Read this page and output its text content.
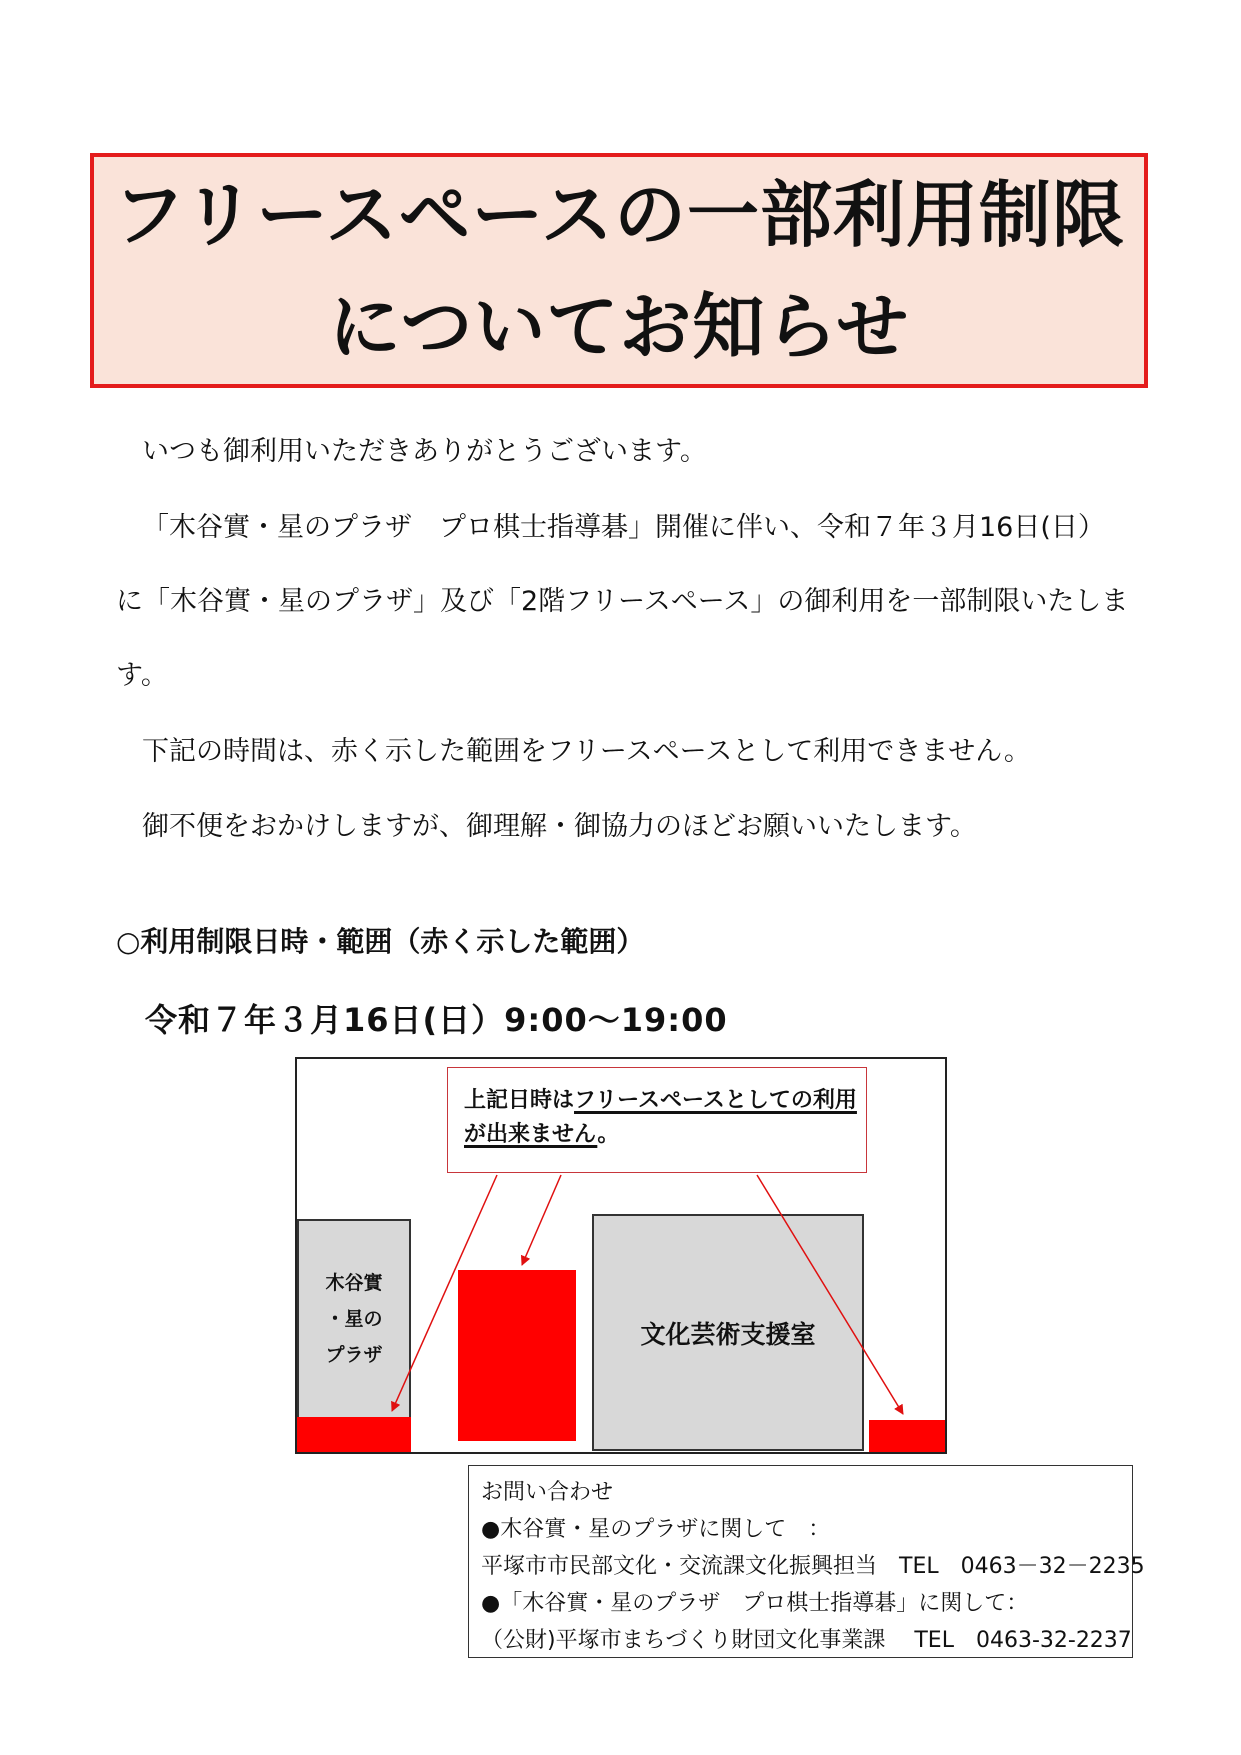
フリースペースの一部利用制限
についてお知らせ
いつも御利用いただきありがとうございます。
「木谷實・星のプラザ　プロ棋士指導碁」開催に伴い、令和７年３月16日(日）
に「木谷實・星のプラザ」及び「2階フリースペース」の御利用を一部制限いたしま
す。
下記の時間は、赤く示した範囲をフリースペースとして利用できません。
御不便をおかけしますが、御理解・御協力のほどお願いいたします。
○利用制限日時・範囲（赤く示した範囲）
令和７年３月16日(日）9:00～19:00
上記日時はフリースペースとしての利用
が出来ません。
木谷實
・星の
プラザ
文化芸術支援室
お問い合わせ
●木谷實・星のプラザに関して　：
平塚市市民部文化・交流課文化振興担当　TEL　0463－32－2235
●「木谷實・星のプラザ　プロ棋士指導碁」に関して：
（公財)平塚市まちづくり財団文化事業課　 TEL　0463-32-2237
